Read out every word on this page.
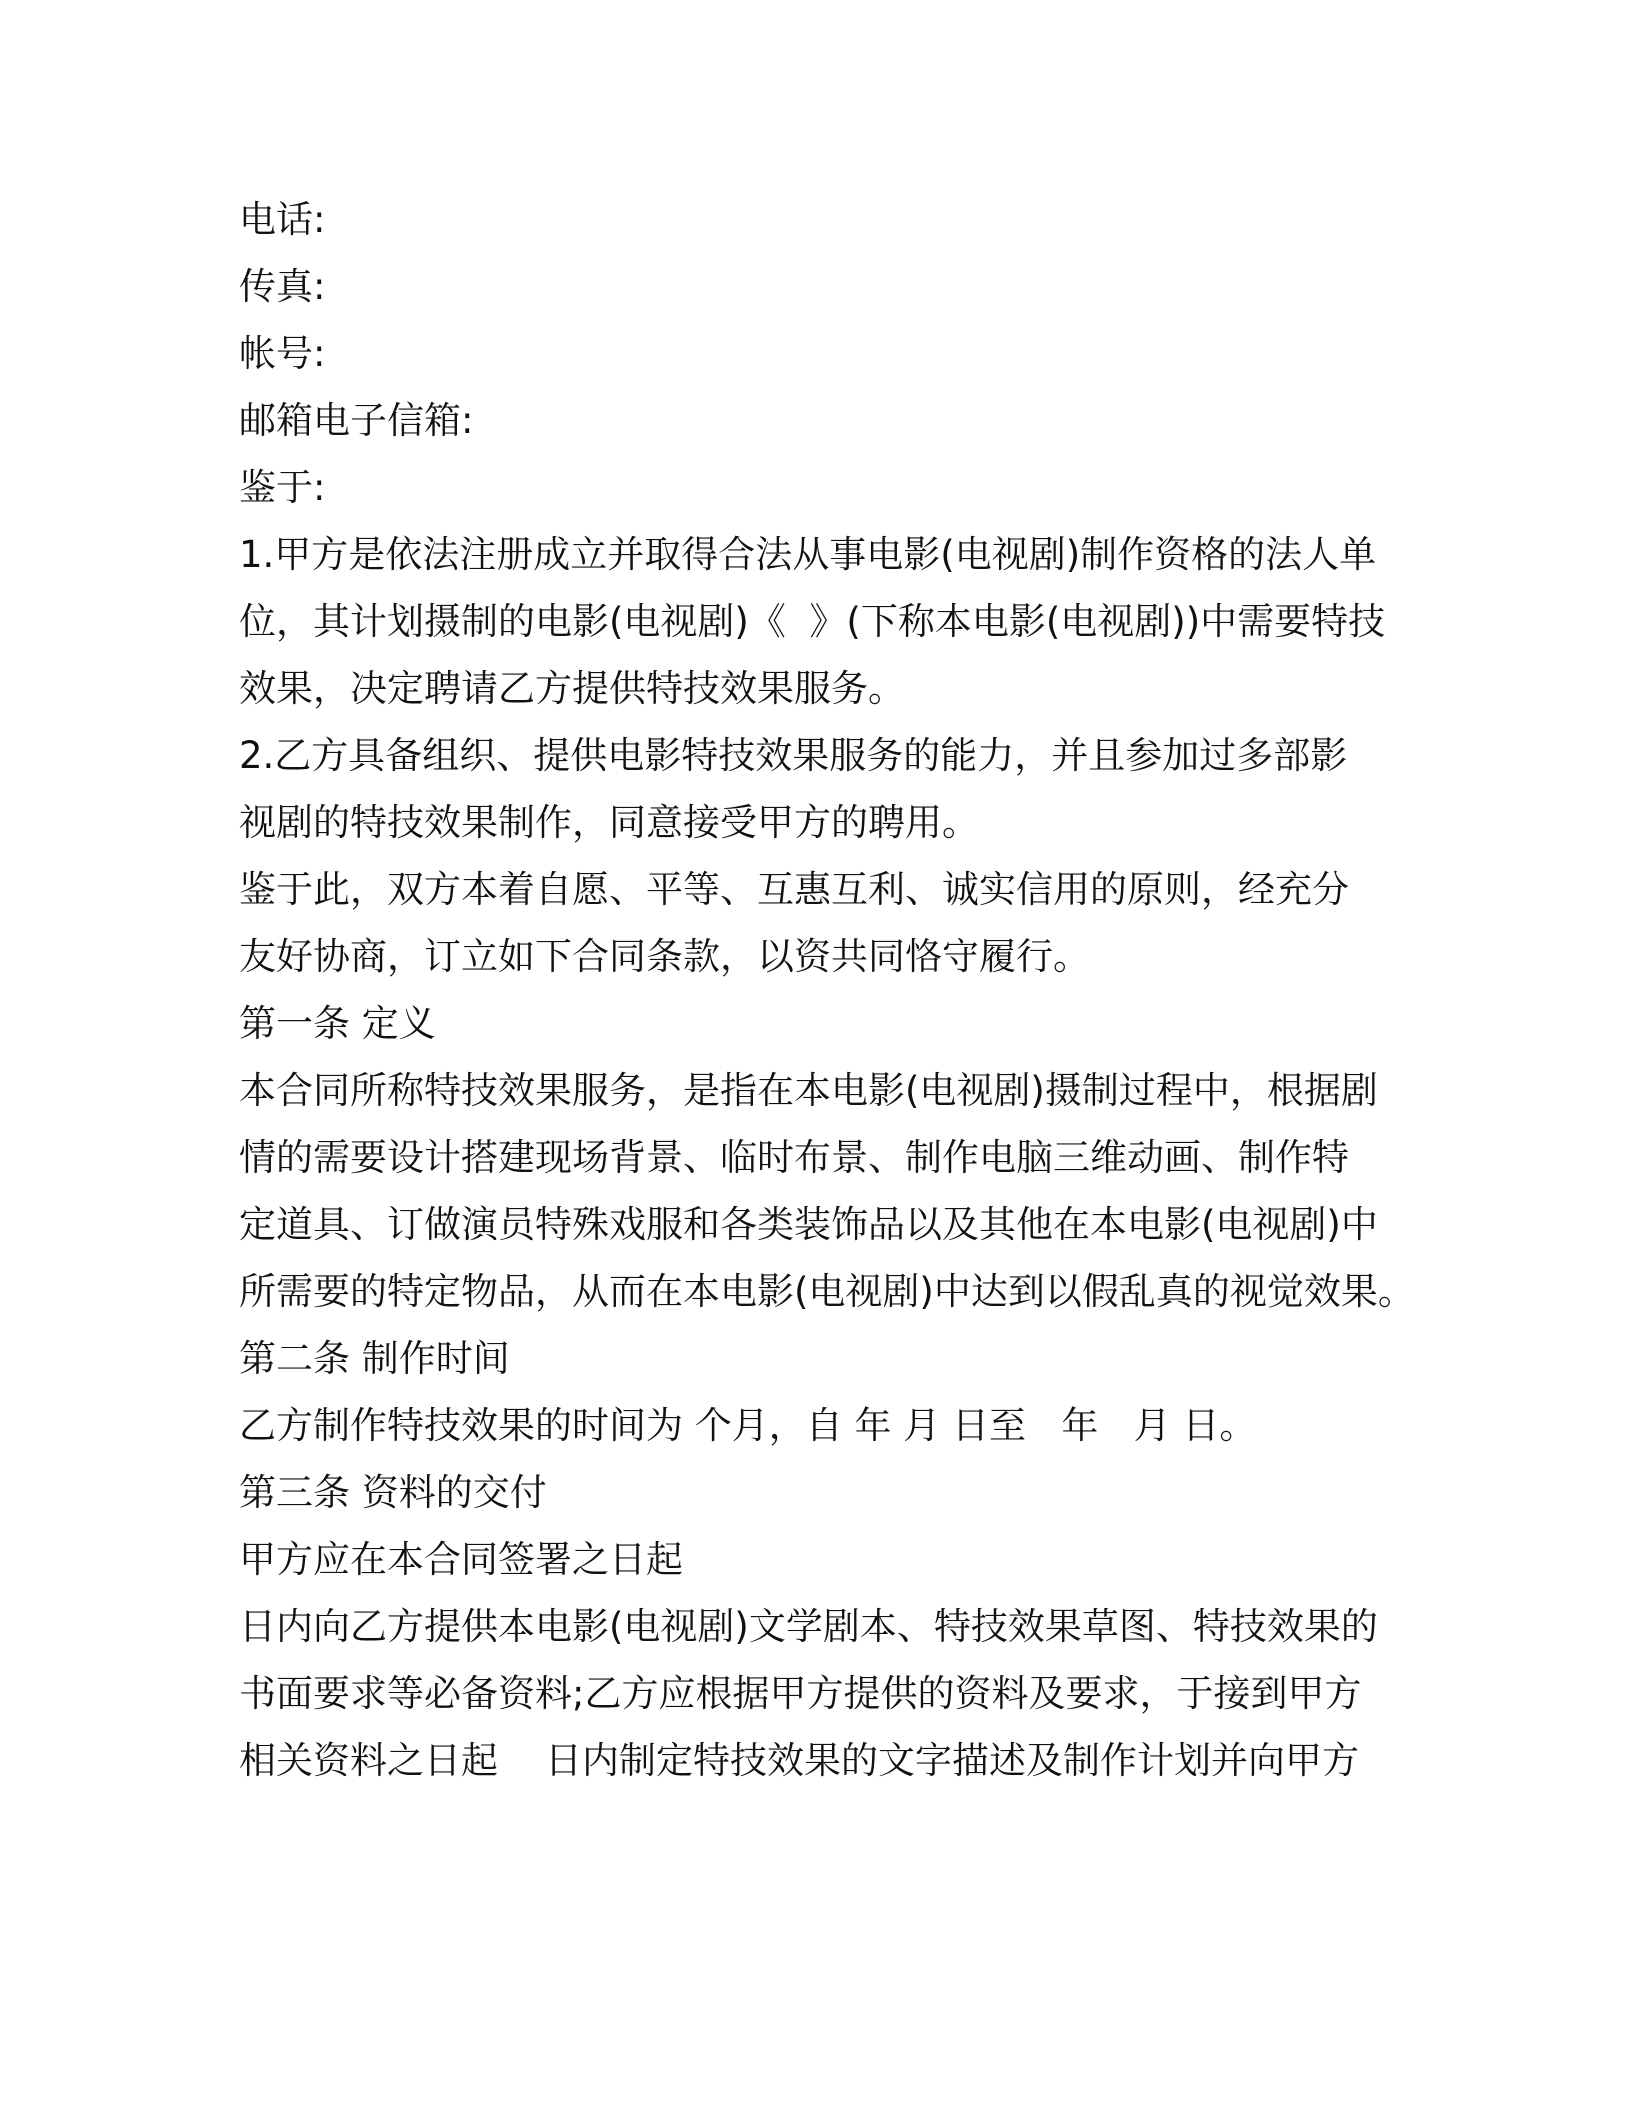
电话:
传真:
帐号:
邮箱电子信箱:
鉴于:
1.甲方是依法注册成立并取得合法从事电影(电视剧)制作资格的法人单
位，其计划摄制的电影(电视剧)《  》(下称本电影(电视剧))中需要特技
效果，决定聘请乙方提供特技效果服务。
2.乙方具备组织、提供电影特技效果服务的能力，并且参加过多部影
视剧的特技效果制作，同意接受甲方的聘用。
鉴于此，双方本着自愿、平等、互惠互利、诚实信用的原则，经充分
友好协商，订立如下合同条款，以资共同恪守履行。
第一条 定义
本合同所称特技效果服务，是指在本电影(电视剧)摄制过程中，根据剧
情的需要设计搭建现场背景、临时布景、制作电脑三维动画、制作特
定道具、订做演员特殊戏服和各类装饰品以及其他在本电影(电视剧)中
所需要的特定物品，从而在本电影(电视剧)中达到以假乱真的视觉效果。
第二条 制作时间
乙方制作特技效果的时间为 个月，自 年 月 日至   年   月 日。
第三条 资料的交付
甲方应在本合同签署之日起
日内向乙方提供本电影(电视剧)文学剧本、特技效果草图、特技效果的
书面要求等必备资料;乙方应根据甲方提供的资料及要求，于接到甲方
相关资料之日起    日内制定特技效果的文字描述及制作计划并向甲方
